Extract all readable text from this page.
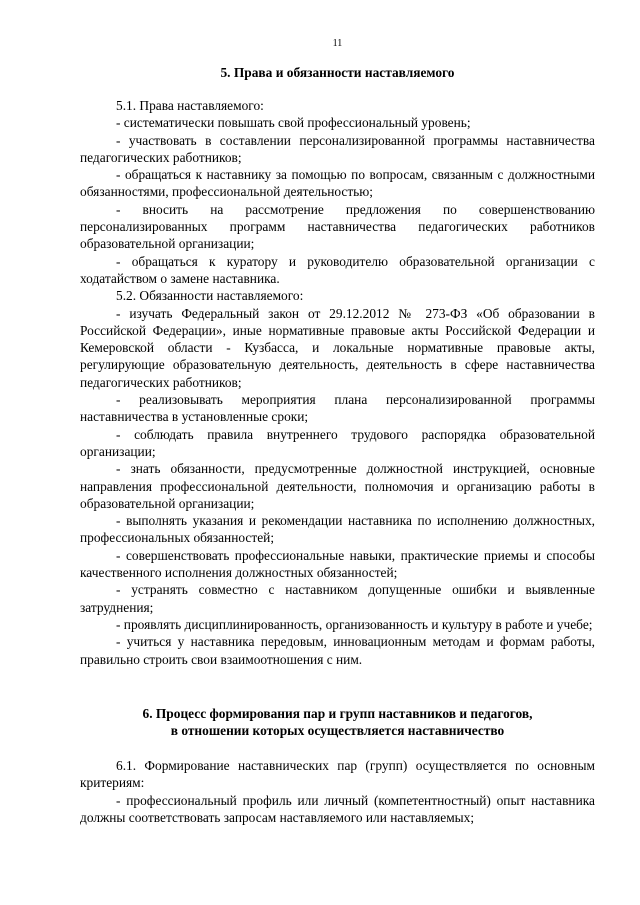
11

5. Права и обязанности наставляемого

5.1. Права наставляемого:

- систематически повышать свой профессиональный уровень;

- участвовать в составлении персонализированной программы наставничества педагогических работников;

- обращаться к наставнику за помощью по вопросам, связанным с должностными обязанностями, профессиональной деятельностью;

- вносить на рассмотрение предложения по совершенствованию персонализированных программ наставничества педагогических работников образовательной организации;

- обращаться к куратору и руководителю образовательной организации с ходатайством о замене наставника.

5.2. Обязанности наставляемого:

- изучать Федеральный закон от 29.12.2012 № 273-ФЗ «Об образовании в Российской Федерации», иные нормативные правовые акты Российской Федерации и Кемеровской области - Кузбасса, и локальные нормативные правовые акты, регулирующие образовательную деятельность, деятельность в сфере наставничества педагогических работников;

- реализовывать мероприятия плана персонализированной программы наставничества в установленные сроки;

- соблюдать правила внутреннего трудового распорядка образовательной организации;

- знать обязанности, предусмотренные должностной инструкцией, основные направления профессиональной деятельности, полномочия и организацию работы в образовательной организации;

- выполнять указания и рекомендации наставника по исполнению должностных, профессиональных обязанностей;

- совершенствовать профессиональные навыки, практические приемы и способы качественного исполнения должностных обязанностей;

- устранять совместно с наставником допущенные ошибки и выявленные затруднения;

- проявлять дисциплинированность, организованность и культуру в работе и учебе;

- учиться у наставника передовым, инновационным методам и формам работы, правильно строить свои взаимоотношения с ним.

6. Процесс формирования пар и групп наставников и педагогов,

в отношении которых осуществляется наставничество

6.1. Формирование наставнических пар (групп) осуществляется по основным критериям:

- профессиональный профиль или личный (компетентностный) опыт наставника должны соответствовать запросам наставляемого или наставляемых;
